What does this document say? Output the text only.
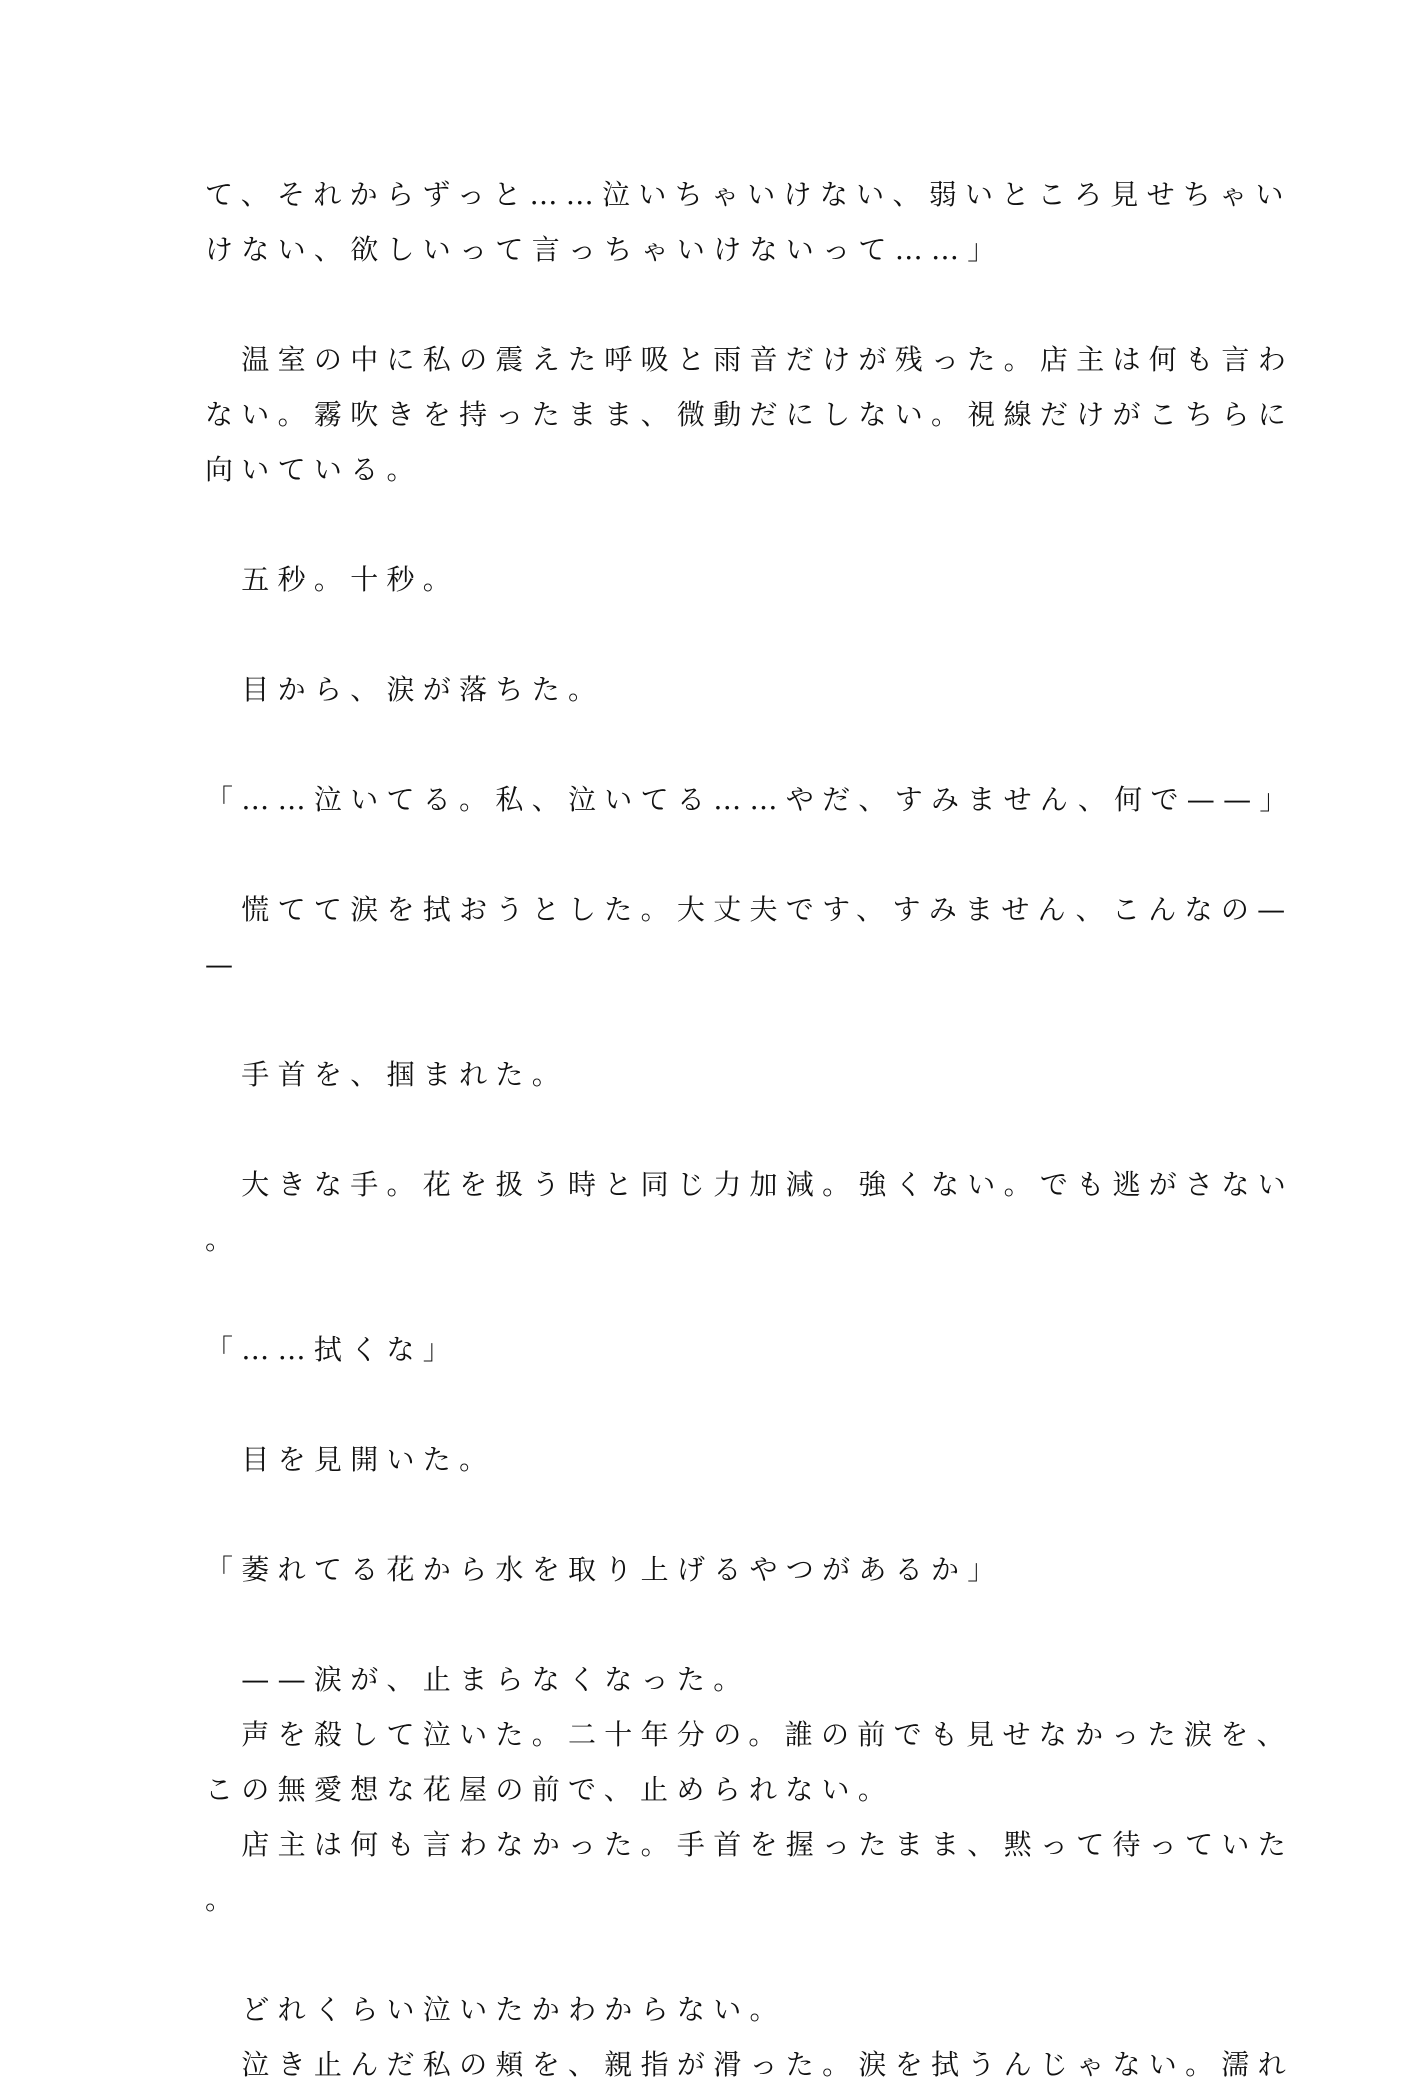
て、それからずっと……泣いちゃいけない、弱いところ見せちゃい
けない、欲しいって言っちゃいけないって……」
　温室の中に私の震えた呼吸と雨音だけが残った。店主は何も言わ
ない。霧吹きを持ったまま、微動だにしない。視線だけがこちらに
向いている。
　五秒。十秒。
　目から、涙が落ちた。
「……泣いてる。私、泣いてる……やだ、すみません、何で——」
　慌てて涙を拭おうとした。大丈夫です、すみません、こんなの—
—
　手首を、掴まれた。
　大きな手。花を扱う時と同じ力加減。強くない。でも逃がさない
。
「……拭くな」
　目を見開いた。
「萎れてる花から水を取り上げるやつがあるか」
　——涙が、止まらなくなった。
　声を殺して泣いた。二十年分の。誰の前でも見せなかった涙を、
この無愛想な花屋の前で、止められない。
　店主は何も言わなかった。手首を握ったまま、黙って待っていた
。
　どれくらい泣いたかわからない。
　泣き止んだ私の頬を、親指が滑った。涙を拭うんじゃない。濡れ
